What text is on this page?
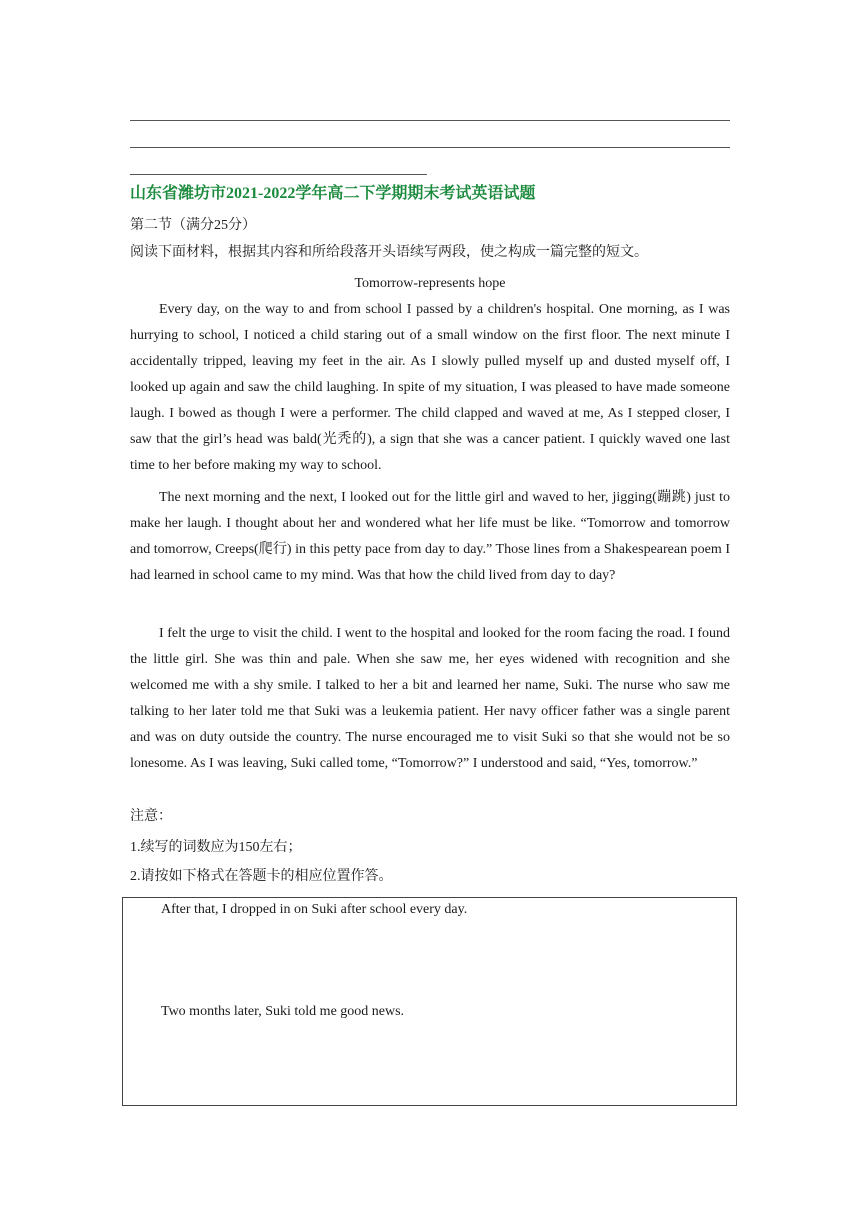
山东省潍坊市2021-2022学年高二下学期期末考试英语试题
第二节（满分25分）
阅读下面材料，根据其内容和所给段落开头语续写两段，使之构成一篇完整的短文。
Tomorrow-represents hope

Every day, on the way to and from school I passed by a children's hospital. One morning, as I was hurrying to school, I noticed a child staring out of a small window on the first floor. The next minute I accidentally tripped, leaving my feet in the air. As I slowly pulled myself up and dusted myself off, I looked up again and saw the child laughing. In spite of my situation, I was pleased to have made someone laugh. I bowed as though I were a performer. The child clapped and waved at me, As I stepped closer, I saw that the girl’s head was bald(光秃的), a sign that she was a cancer patient. I quickly waved one last time to her before making my way to school.

The next morning and the next, I looked out for the little girl and waved to her, jigging(蹦跳) just to make her laugh. I thought about her and wondered what her life must be like. “Tomorrow and tomorrow and tomorrow, Creeps(爬行) in this petty pace from day to day.” Those lines from a Shakespearean poem I had learned in school came to my mind. Was that how the child lived from day to day?

I felt the urge to visit the child. I went to the hospital and looked for the room facing the road. I found the little girl. She was thin and pale. When she saw me, her eyes widened with recognition and she welcomed me with a shy smile. I talked to her a bit and learned her name, Suki. The nurse who saw me talking to her later told me that Suki was a leukemia patient. Her navy officer father was a single parent and was on duty outside the country. The nurse encouraged me to visit Suki so that she would not be so lonesome. As I was leaving, Suki called tome, “Tomorrow?” I understood and said, “Yes, tomorrow.”

注意：
1.续写的词数应为150左右；
2.请按如下格式在答题卡的相应位置作答。
After that, I dropped in on Suki after school every day.
Two months later, Suki told me good news.
